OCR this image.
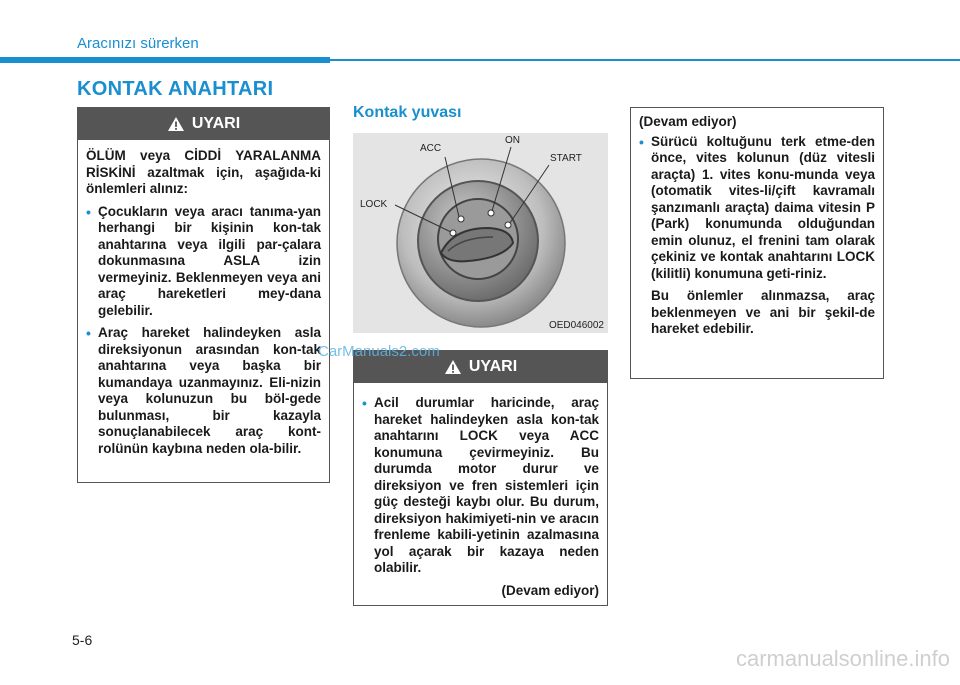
Aracınızı sürerken
KONTAK ANAHTARI
Kontak yuvası
UYARI

ÖLÜM veya CİDDİ YARALANMA RİSKİNİ azaltmak için, aşağıda-ki önlemleri alınız:

• Çocukların veya aracı tanıma-yan herhangi bir kişinin kon-tak anahtarına veya ilgili par-çalara dokunmasına ASLA izin vermeyiniz. Beklenmeyen veya ani araç hareketleri mey-dana gelebilir.
• Araç hareket halindeyken asla direksiyonun arasından kon-tak anahtarına veya başka bir kumandaya uzanmayınız. Eli-nizin veya kolunuzun bu böl-gede bulunması, bir kazayla sonuçlanabilecek araç kont-rolünün kaybına neden ola-bilir.
ACC
ON
START
LOCK
OED046002
UYARI
• Acil durumlar haricinde, araç hareket halindeyken asla kon-tak anahtarını LOCK veya ACC konumuna çevirmeyiniz. Bu durumda motor durur ve direksiyon ve fren sistemleri için güç desteği kaybı olur. Bu durum, direksiyon hakimiyeti-nin ve aracın frenleme kabili-yetinin azalmasına yol açarak bir kazaya neden olabilir.
(Devam ediyor)

(Devam ediyor)

• Sürücü koltuğunu terk etme-den önce, vites kolunun (düz vitesli araçta) 1. vites konu-munda veya (otomatik vites-li/çift kavramalı şanzımanlı araçta) daima vitesin P (Park) konumunda olduğundan emin olunuz, el frenini tam olarak çekiniz ve kontak anahtarını LOCK (kilitli) konumuna geti-riniz.
Bu önlemler alınmazsa, araç beklenmeyen ve ani bir şekil-de hareket edebilir.
CarManuals2.com
5-6
carmanualsonline.info
